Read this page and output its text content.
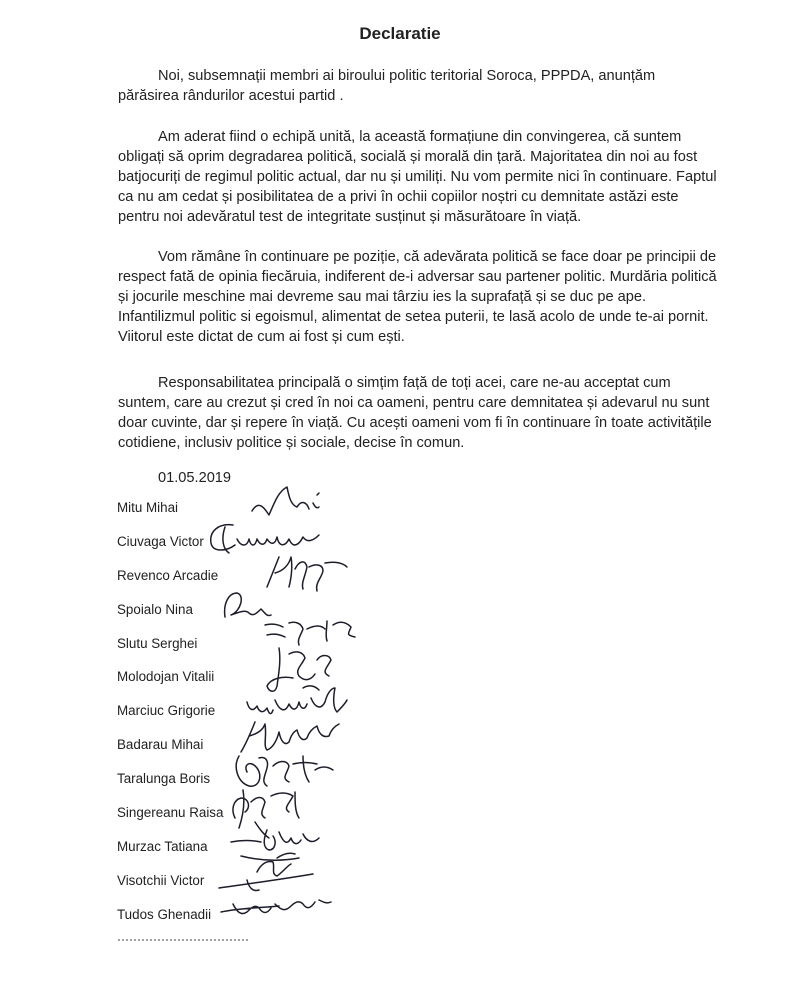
Declaratie

Noi, subsemnații membri ai biroului politic teritorial Soroca, PPPDA, anunțăm părăsirea rândurilor acestui partid .

Am aderat fiind o echipă unită, la această formațiune din convingerea, că suntem obligați să oprim degradarea politică, socială și morală din țară. Majoritatea din noi au fost batjocuriți de regimul politic actual, dar nu și umiliți. Nu vom permite nici în continuare. Faptul ca nu am cedat și posibilitatea de a privi în ochii copiilor noștri cu demnitate astăzi este pentru noi adevăratul test de integritate susținut și măsurătoare în viață.

Vom rămâne în continuare pe poziție, că adevărata politică se face doar pe principii de respect fată de opinia fiecăruia, indiferent de-i adversar sau partener politic. Murdăria politică și jocurile meschine mai devreme sau mai târziu ies la suprafață și se duc pe ape. Infantilizmul politic si egoismul, alimentat de setea puterii, te lasă acolo de unde te-ai pornit. Viitorul este dictat de cum ai fost și cum ești.

Responsabilitatea principală o simțim față de toți acei, care ne-au acceptat cum suntem, care au crezut și cred în noi ca oameni, pentru care demnitatea și adevarul nu sunt doar cuvinte, dar și repere în viață. Cu acești oameni vom fi în continuare în toate activitățile cotidiene, inclusiv politice și sociale, decise în comun.

01.05.2019
Mitu Mihai
Ciuvaga Victor
Revenco Arcadie
Spoialo Nina
Slutu Serghei
Molodojan Vitalii
Marciuc Grigorie
Badarau Mihai
Taralunga Boris
Singereanu Raisa
Murzac Tatiana
Visotchii Victor
Tudos Ghenadii
